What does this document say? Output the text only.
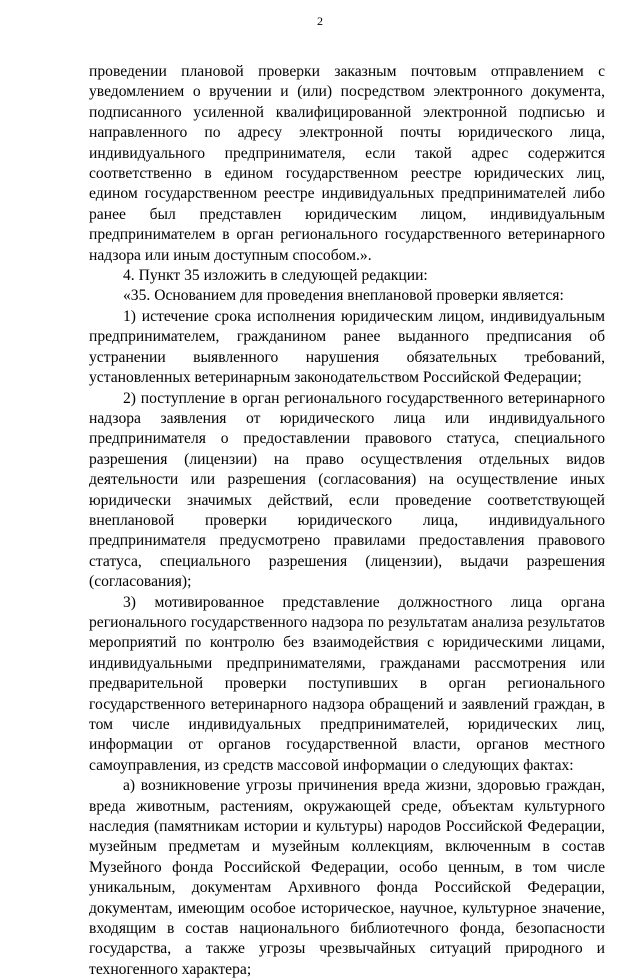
2

проведении плановой проверки заказным почтовым отправлением с уведомлением о вручении и (или) посредством электронного документа, подписанного усиленной квалифицированной электронной подписью и направленного по адресу электронной почты юридического лица, индивидуального предпринимателя, если такой адрес содержится соответственно в едином государственном реестре юридических лиц, едином государственном реестре индивидуальных предпринимателей либо ранее был представлен юридическим лицом, индивидуальным предпринимателем в орган регионального государственного ветеринарного надзора или иным доступным способом.».

4. Пункт 35 изложить в следующей редакции:

«35. Основанием для проведения внеплановой проверки является:

1) истечение срока исполнения юридическим лицом, индивидуальным предпринимателем, гражданином ранее выданного предписания об устранении выявленного нарушения обязательных требований, установленных ветеринарным законодательством Российской Федерации;

2) поступление в орган регионального государственного ветеринарного надзора заявления от юридического лица или индивидуального предпринимателя о предоставлении правового статуса, специального разрешения (лицензии) на право осуществления отдельных видов деятельности или разрешения (согласования) на осуществление иных юридически значимых действий, если проведение соответствующей внеплановой проверки юридического лица, индивидуального предпринимателя предусмотрено правилами предоставления правового статуса, специального разрешения (лицензии), выдачи разрешения (согласования);

3) мотивированное представление должностного лица органа регионального государственного надзора по результатам анализа результатов мероприятий по контролю без взаимодействия с юридическими лицами, индивидуальными предпринимателями, гражданами рассмотрения или предварительной проверки поступивших в орган регионального государственного ветеринарного надзора обращений и заявлений граждан, в том числе индивидуальных предпринимателей, юридических лиц, информации от органов государственной власти, органов местного самоуправления, из средств массовой информации о следующих фактах:

а) возникновение угрозы причинения вреда жизни, здоровью граждан, вреда животным, растениям, окружающей среде, объектам культурного наследия (памятникам истории и культуры) народов Российской Федерации, музейным предметам и музейным коллекциям, включенным в состав Музейного фонда Российской Федерации, особо ценным, в том числе уникальным, документам Архивного фонда Российской Федерации, документам, имеющим особое историческое, научное, культурное значение, входящим в состав национального библиотечного фонда, безопасности государства, а также угрозы чрезвычайных ситуаций природного и техногенного характера;
